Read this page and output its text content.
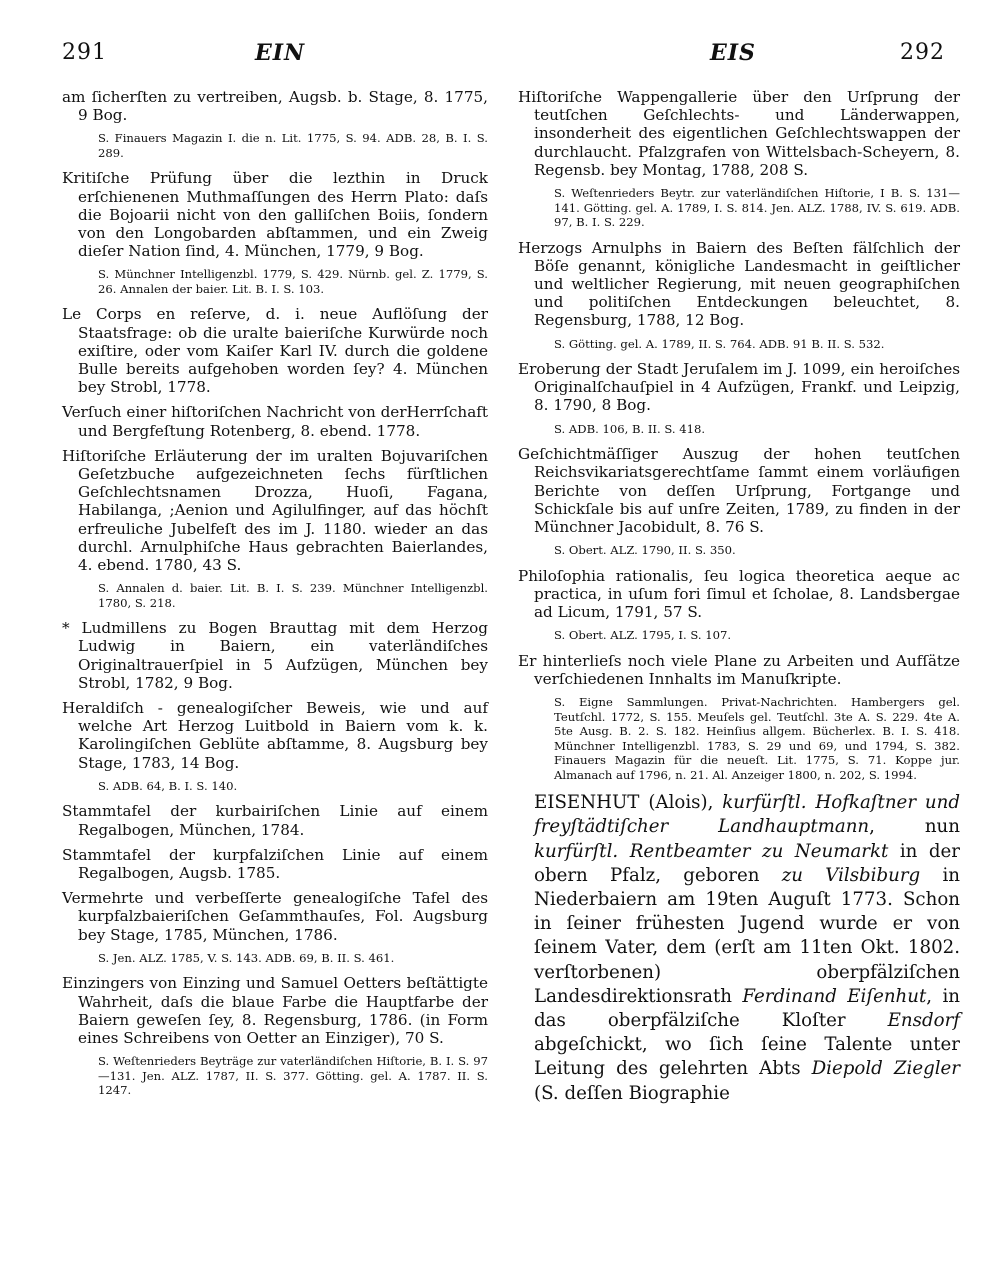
291	EIN	EIS	292

am ſicherſten zu vertreiben, Augsb. b. Stage, 8. 1775, 9 Bog.

S. Finauers Magazin I. die n. Lit. 1775, S. 94. ADB. 28, B. I. S. 289.

Kritiſche Prüfung über die lezthin in Druck erſchienenen Muthmaſſungen des Herrn Plato: daſs die Bojoarii nicht von den galliſchen Boiis, ſondern von den Longobarden abſtammen, und ein Zweig dieſer Nation ſind, 4. München, 1779, 9 Bog.

S. Münchner Intelligenzbl. 1779, S. 429. Nürnb. gel. Z. 1779, S. 26. Annalen der baier. Lit. B. I. S. 103.

Le Corps en reſerve, d. i. neue Auflöſung der Staatsfrage: ob die uralte baieriſche Kurwürde noch exiſtire, oder vom Kaiſer Karl IV. durch die goldene Bulle bereits aufgehoben worden ſey? 4. München bey Strobl, 1778.

Verſuch einer hiſtoriſchen Nachricht von derHerrſchaft und Bergfeſtung Rotenberg, 8. ebend. 1778.

Hiſtoriſche Erläuterung der im uralten Bojuvariſchen Geſetzbuche aufgezeichneten ſechs fürſtlichen Geſchlechtsnamen Drozza, Huoſi, Fagana, Habilanga, ;Aenion und Agilulfinger, auf das höchſt erfreuliche Jubelfeſt des im J. 1180. wieder an das durchl. Arnulphiſche Haus gebrachten Baierlandes, 4. ebend. 1780, 43 S.

S. Annalen d. baier. Lit. B. I. S. 239. Münchner Intelligenzbl. 1780, S. 218.

* Ludmillens zu Bogen Brauttag mit dem Herzog Ludwig in Baiern, ein vaterländiſches Originaltrauerſpiel in 5 Aufzügen, München bey Strobl, 1782, 9 Bog.

Heraldiſch - genealogiſcher Beweis, wie und auf welche Art Herzog Luitbold in Baiern vom k. k. Karolingiſchen Geblüte abſtamme, 8. Augsburg bey Stage, 1783, 14 Bog.

S. ADB. 64, B. I. S. 140.

Stammtafel der kurbairiſchen Linie auf einem Regalbogen, München, 1784.

Stammtafel der kurpfalziſchen Linie auf einem Regalbogen, Augsb. 1785.

Vermehrte und verbeſſerte genealogiſche Tafel des kurpfalzbaieriſchen Geſammthauſes, Fol. Augsburg bey Stage, 1785, München, 1786.

S. Jen. ALZ. 1785, V. S. 143. ADB. 69, B. II. S. 461.

Einzingers von Einzing und Samuel Oetters beſtättigte Wahrheit, daſs die blaue Farbe die Hauptfarbe der Baiern geweſen ſey, 8. Regensburg, 1786. (in Form eines Schreibens von Oetter an Einziger), 70 S.

S. Weſtenrieders Beyträge zur vaterländiſchen Hiſtorie, B. I. S. 97—131. Jen. ALZ. 1787, II. S. 377. Götting. gel. A. 1787. II. S. 1247.

Hiſtoriſche Wappengallerie über den Urſprung der teutſchen Geſchlechts- und Länderwappen, insonderheit des eigentlichen Geſchlechtswappen der durchlaucht. Pfalzgrafen von Wittelsbach-Scheyern, 8. Regensb. bey Montag, 1788, 208 S.

S. Weſtenrieders Beytr. zur vaterländiſchen Hiſtorie, I B. S. 131—141. Götting. gel. A. 1789, I. S. 814. Jen. ALZ. 1788, IV. S. 619. ADB. 97, B. I. S. 229.

Herzogs Arnulphs in Baiern des Beſten fälſchlich der Böſe genannt, königliche Landesmacht in geiſtlicher und weltlicher Regierung, mit neuen geographiſchen und politiſchen Entdeckungen beleuchtet, 8. Regensburg, 1788, 12 Bog.

S. Götting. gel. A. 1789, II. S. 764. ADB. 91 B. II. S. 532.

Eroberung der Stadt Jeruſalem im J. 1099, ein heroiſches Originalſchauſpiel in 4 Aufzügen, Frankf. und Leipzig, 8. 1790, 8 Bog.

S. ADB. 106, B. II. S. 418.

Geſchichtmäſſiger Auszug der hohen teutſchen Reichsvikariatsgerechtſame ſammt einem vorläufigen Berichte von deſſen Urſprung, Fortgange und Schickſale bis auf unſre Zeiten, 1789, zu finden in der Münchner Jacobidult, 8. 76 S.

S. Obert. ALZ. 1790, II. S. 350.

Philoſophia rationalis, ſeu logica theoretica aeque ac practica, in uſum fori ſimul et ſcholae, 8. Landsbergae ad Licum, 1791, 57 S.

S. Obert. ALZ. 1795, I. S. 107.

Er hinterlieſs noch viele Plane zu Arbeiten und Aufſätze verſchiedenen Innhalts im Manuſkripte.

S. Eigne Sammlungen. Privat-Nachrichten. Hambergers gel. Teutſchl. 1772, S. 155. Meuſels gel. Teutſchl. 3te A. S. 229. 4te A. 5te Ausg. B. 2. S. 182. Heinſius allgem. Bücherlex. B. I. S. 418. Münchner Intelligenzbl. 1783, S. 29 und 69, und 1794, S. 382. Finauers Magazin für die neueſt. Lit. 1775, S. 71. Koppe jur. Almanach auf 1796, n. 21. Al. Anzeiger 1800, n. 202, S. 1994.

EISENHUT (Alois), kurfürſtl. Hofkaſtner und freyſtädtiſcher Landhauptmann, nun kurfürſtl. Rentbeamter zu Neumarkt in der obern Pfalz, geboren zu Vilsbiburg in Niederbaiern am 19ten Auguſt 1773. Schon in ſeiner frühesten Jugend wurde er von ſeinem Vater, dem (erſt am 11ten Okt. 1802. verſtorbenen) oberpfälziſchen Landesdirektionsrath Ferdinand Eiſenhut, in das oberpfälziſche Kloſter Ensdorf abgeſchickt, wo ſich ſeine Talente unter Leitung des gelehrten Abts Diepold Ziegler (S. deſſen Biographie
